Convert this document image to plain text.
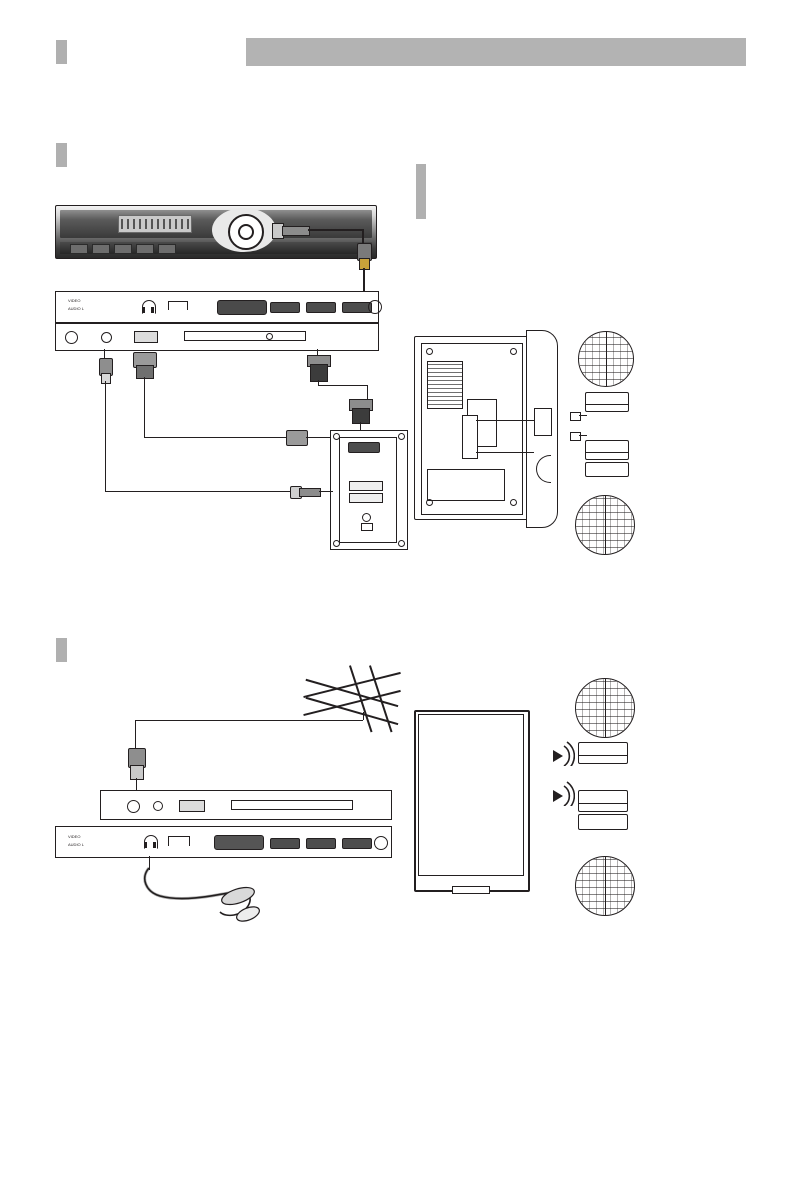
VIDEO
AUDIO L
VIDEO
AUDIO L
